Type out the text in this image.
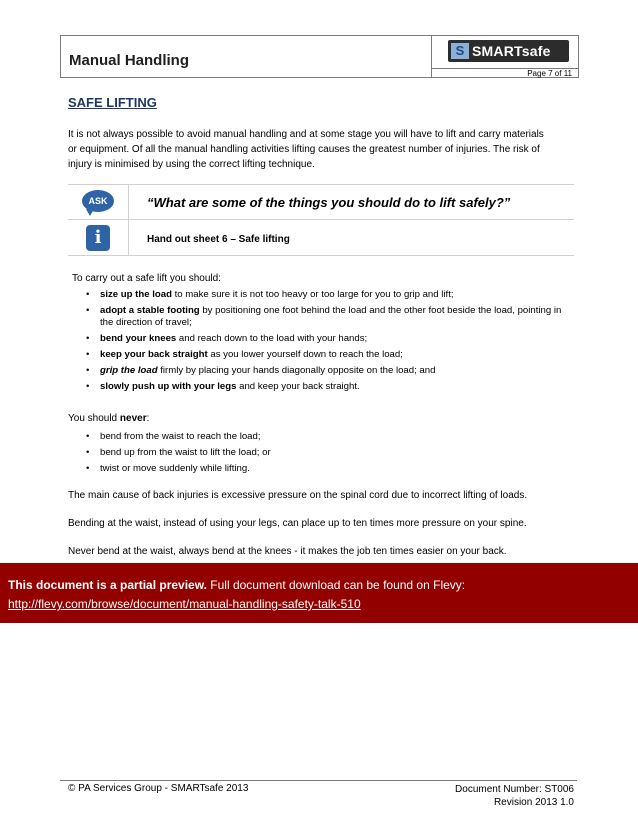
Manual Handling
S SMARTsafe
Page 7 of 11
SAFE LIFTING
It is not always possible to avoid manual handling and at some stage you will have to lift and carry materials or equipment. Of all the manual handling activities lifting causes the greatest number of injuries. The risk of injury is minimised by using the correct lifting technique.
ASK
i
“What are some of the things you should do to lift safely?”
Hand out sheet 6 – Safe lifting
To carry out a safe lift you should:
• size up the load to make sure it is not too heavy or too large for you to grip and lift;
• adopt a stable footing by positioning one foot behind the load and the other foot beside the load, pointing in the direction of travel;
• bend your knees and reach down to the load with your hands;
• keep your back straight as you lower yourself down to reach the load;
• grip the load firmly by placing your hands diagonally opposite on the load; and
• slowly push up with your legs and keep your back straight.
You should never:
• bend from the waist to reach the load;
• bend up from the waist to lift the load; or
• twist or move suddenly while lifting.
The main cause of back injuries is excessive pressure on the spinal cord due to incorrect lifting of loads.
Bending at the waist, instead of using your legs, can place up to ten times more pressure on your spine.
Never bend at the waist, always bend at the knees - it makes the job ten times easier on your back.
This document is a partial preview. Full document download can be found on Flevy:
http://flevy.com/browse/document/manual-handling-safety-talk-510
© PA Services Group - SMARTsafe 2013	Document Number: ST006
Revision 2013 1.0
